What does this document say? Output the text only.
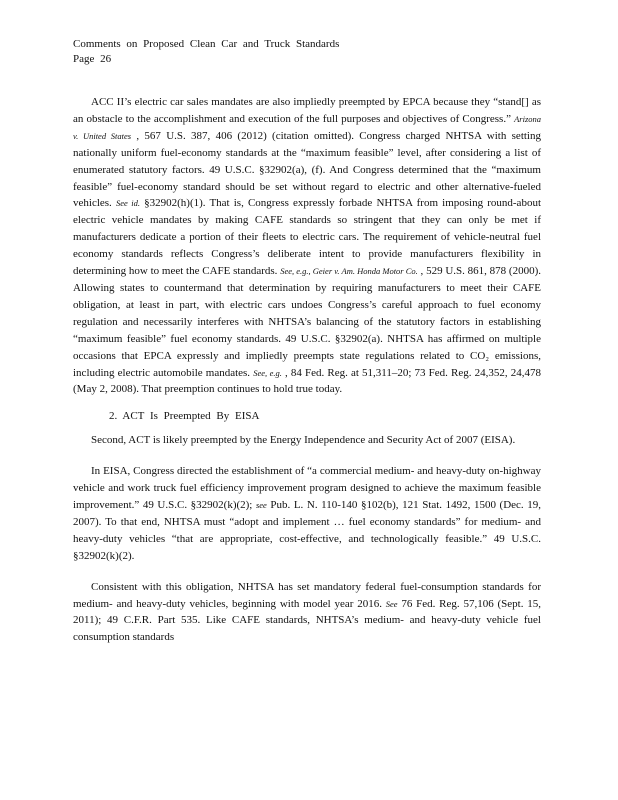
Comments on Proposed Clean Car and Truck Standards
Page 26

ACC II’s electric car sales mandates are also impliedly preempted by EPCA because they “stand[] as an obstacle to the accomplishment and execution of the full purposes and objectives of Congress.” Arizona v. United States , 567 U.S. 387, 406 (2012) (citation omitted). Congress charged NHTSA with setting nationally uniform fuel-economy standards at the “maximum feasible” level, after considering a list of enumerated statutory factors. 49 U.S.C. §32902(a), (f). And Congress determined that the “maximum feasible” fuel-economy standard should be set without regard to electric and other alternative-fueled vehicles. See id. §32902(h)(1). That is, Congress expressly forbade NHTSA from imposing round-about electric vehicle mandates by making CAFE standards so stringent that they can only be met if manufacturers dedicate a portion of their fleets to electric cars. The requirement of vehicle-neutral fuel economy standards reflects Congress’s deliberate intent to provide manufacturers flexibility in determining how to meet the CAFE standards. See, e.g., Geier v. Am. Honda Motor Co. , 529 U.S. 861, 878 (2000). Allowing states to countermand that determination by requiring manufacturers to meet their CAFE obligation, at least in part, with electric cars undoes Congress’s careful approach to fuel economy regulation and necessarily interferes with NHTSA’s balancing of the statutory factors in establishing “maximum feasible” fuel economy standards. 49 U.S.C. §32902(a). NHTSA has affirmed on multiple occasions that EPCA expressly and impliedly preempts state regulations related to CO₂ emissions, including electric automobile mandates. See, e.g. , 84 Fed. Reg. at 51,311–20; 73 Fed. Reg. 24,352, 24,478 (May 2, 2008). That preemption continues to hold true today.

2. ACT Is Preempted By EISA

Second, ACT is likely preempted by the Energy Independence and Security Act of 2007 (EISA).

In EISA, Congress directed the establishment of “a commercial medium- and heavy-duty on-highway vehicle and work truck fuel efficiency improvement program designed to achieve the maximum feasible improvement.” 49 U.S.C. §32902(k)(2); see Pub. L. N. 110-140 §102(b), 121 Stat. 1492, 1500 (Dec. 19, 2007). To that end, NHTSA must “adopt and implement … fuel economy standards” for medium- and heavy-duty vehicles “that are appropriate, cost-effective, and technologically feasible.” 49 U.S.C. §32902(k)(2).

Consistent with this obligation, NHTSA has set mandatory federal fuel-consumption standards for medium- and heavy-duty vehicles, beginning with model year 2016. See 76 Fed. Reg. 57,106 (Sept. 15, 2011); 49 C.F.R. Part 535. Like CAFE standards, NHTSA’s medium- and heavy-duty vehicle fuel consumption standards
